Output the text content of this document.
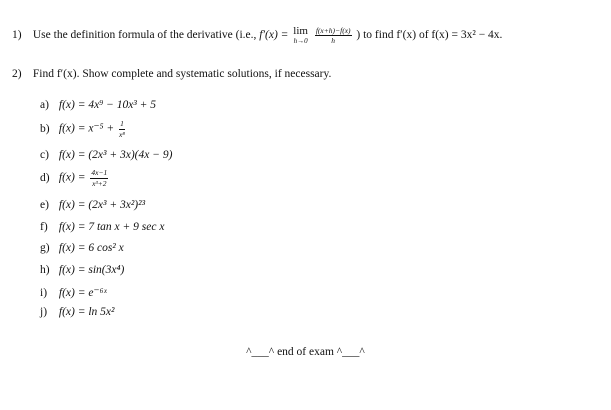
1) Use the definition formula of the derivative (i.e., f′(x) = lim
h→0
$\frac{f(x+h)-f(x)}{h}$ ) to find f′(x) of f(x) = 3x² − 4x.
2) Find f′(x). Show complete and systematic solutions, if necessary.
a) f(x) = 4x⁹ − 10x³ + 5
b) $f(x) = x^{-5} + \frac{1}{\text{x⁸}}$
c) f(x) = (2x³ + 3x)(4x − 9)
d) $f(x) = \frac{4x-1}{\text{x³+2}}$
e) f(x) = (2x³ + 3x²)²³
f) f(x) = 7 tan x + 9 sec x
g) f(x) = 6 cos² x
h) f(x) = sin(3x⁴)
i) f(x) = e⁻⁶ˣ
j) f(x) = ln 5x²
^___^ end of exam ^___^
